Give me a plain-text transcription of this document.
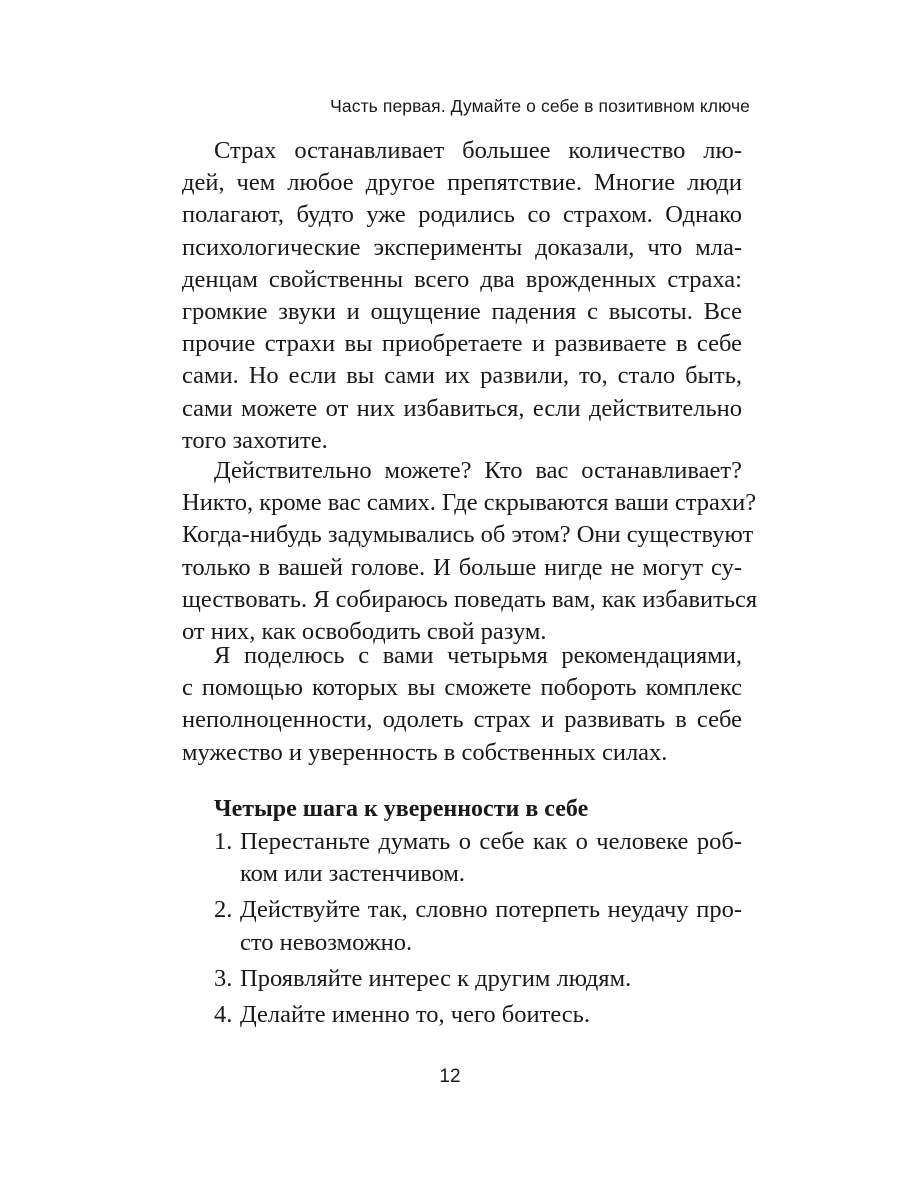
Часть первая. Думайте о себе в позитивном ключе
Страх останавливает большее количество лю-
дей, чем любое другое препятствие. Многие люди
полагают, будто уже родились со страхом. Однако
психологические эксперименты доказали, что мла-
денцам свойственны всего два врожденных страха:
громкие звуки и ощущение падения с высоты. Все
прочие страхи вы приобретаете и развиваете в себе
сами. Но если вы сами их развили, то, стало быть,
сами можете от них избавиться, если действительно
того захотите.
Действительно можете? Кто вас останавливает?
Никто, кроме вас самих. Где скрываются ваши страхи?
Когда-нибудь задумывались об этом? Они существуют
только в вашей голове. И больше нигде не могут су-
ществовать. Я собираюсь поведать вам, как избавиться
от них, как освободить свой разум.
Я поделюсь с вами четырьмя рекомендациями,
с помощью которых вы сможете побороть комплекс
неполноценности, одолеть страх и развивать в себе
мужество и уверенность в собственных силах.
Четыре шага к уверенности в себе
1. Перестаньте думать о себе как о человеке роб-
ком или застенчивом.
2. Действуйте так, словно потерпеть неудачу про-
сто невозможно.
3. Проявляйте интерес к другим людям.
4. Делайте именно то, чего боитесь.
12
